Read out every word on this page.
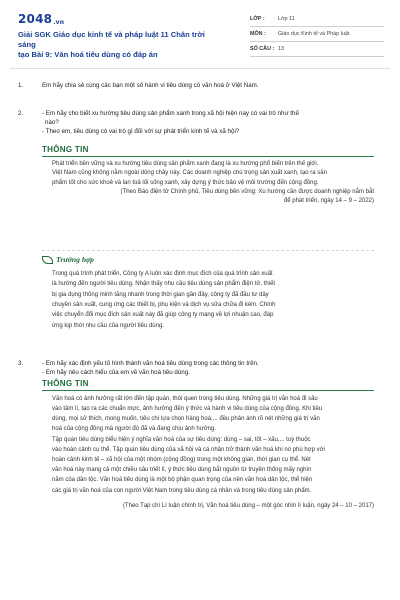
2048.vn
Giải SGK Giáo dục kinh tế và pháp luật 11 Chân trời sáng
tạo Bài 9: Văn hoá tiêu dùng có đáp án
LỚP :	Lớp 11
MÔN :	Giáo dục Kinh tế và Pháp luật
SỐ CÂU : 13
1.	Em hãy chia sẻ cùng các bạn một số hành vi tiêu dùng có văn hoá ở Việt Nam.
2.	- Em hãy cho biết xu hướng tiêu dùng sản phẩm xanh trong xã hội hiện nay có vai trò như thế
nào?
- Theo em, tiêu dùng có vai trò gì đối với sự phát triển kinh tế và xã hội?
THÔNG TIN
Phát triển bền vững và xu hướng tiêu dùng sản phẩm xanh đang là xu hướng phổ biến trên thế giới.
Việt Nam cũng không nằm ngoài dòng chảy này. Các doanh nghiệp chú trọng sản xuất xanh, tạo ra sản
phẩm tốt cho sức khoẻ và lan toả lối sống xanh, xây dựng ý thức bảo vệ môi trường đến cộng đồng.
(Theo Báo điện tử Chính phủ, Tiêu dùng bền vững: Xu hướng cần được doanh nghiệp nắm bắt
để phát triển, ngày 14 – 9 – 2022)
Trường hợp
Trong quá trình phát triển, Công ty A luôn xác định mục đích của quá trình sản xuất
là hướng đến người tiêu dùng. Nhận thấy nhu cầu tiêu dùng sản phẩm điện tử, thiết
bị gia dụng thông minh tăng nhanh trong thời gian gần đây, công ty đã đầu tư dây
chuyền sản xuất, cung ứng các thiết bị, phụ kiện và dịch vụ sửa chữa đi kèm. Chính
việc chuyển đổi mục đích sản xuất này đã giúp công ty mang về lợi nhuận cao, đáp
ứng kịp thời nhu cầu của người tiêu dùng.
3.	- Em hãy xác định yếu tố hình thành văn hoá tiêu dùng trong các thông tin trên.
- Em hãy nêu cách hiểu của em về văn hoá tiêu dùng.
THÔNG TIN
Văn hoá có ảnh hưởng rất lớn đến tập quán, thói quen trong tiêu dùng. Những giá trị văn hoá đi sâu
vào tâm lí, tạo ra các chuẩn mực, ảnh hưởng đến ý thức và hành vi tiêu dùng của cộng đồng. Khi tiêu
dùng, mọi sở thích, mong muốn, tiêu chí lựa chọn hàng hoá,... đều phản ánh rõ nét những giá trị văn
hoá của cộng đồng mà người đó đã và đang chịu ảnh hưởng.
Tập quán tiêu dùng biểu hiện ý nghĩa văn hoá của sự tiêu dùng: dùng – sai, tốt – xấu,... tuỳ thuộc
vào hoàn cảnh cụ thể. Tập quán tiêu dùng của xã hội và cá nhân trở thành văn hoá khi nó phù hợp với
hoàn cảnh kinh tế – xã hội của một nhóm (cộng đồng) trong một không gian, thời gian cụ thể. Nét
văn hoá này mang cả một chiều sâu triết lí, ý thức tiêu dùng bắt nguồn từ truyền thống mấy nghìn
năm của dân tộc. Văn hoá tiêu dùng là một bộ phận quan trọng của nền văn hoá dân tộc, thể hiện
các giá trị văn hoá của con người Việt Nam trong tiêu dùng cá nhân và trong tiêu dùng sản phẩm.
(Theo Tạp chí Lí luận chính trị, Văn hoá tiêu dùng – một góc nhìn lí luận, ngày 24 – 10 – 2017)
